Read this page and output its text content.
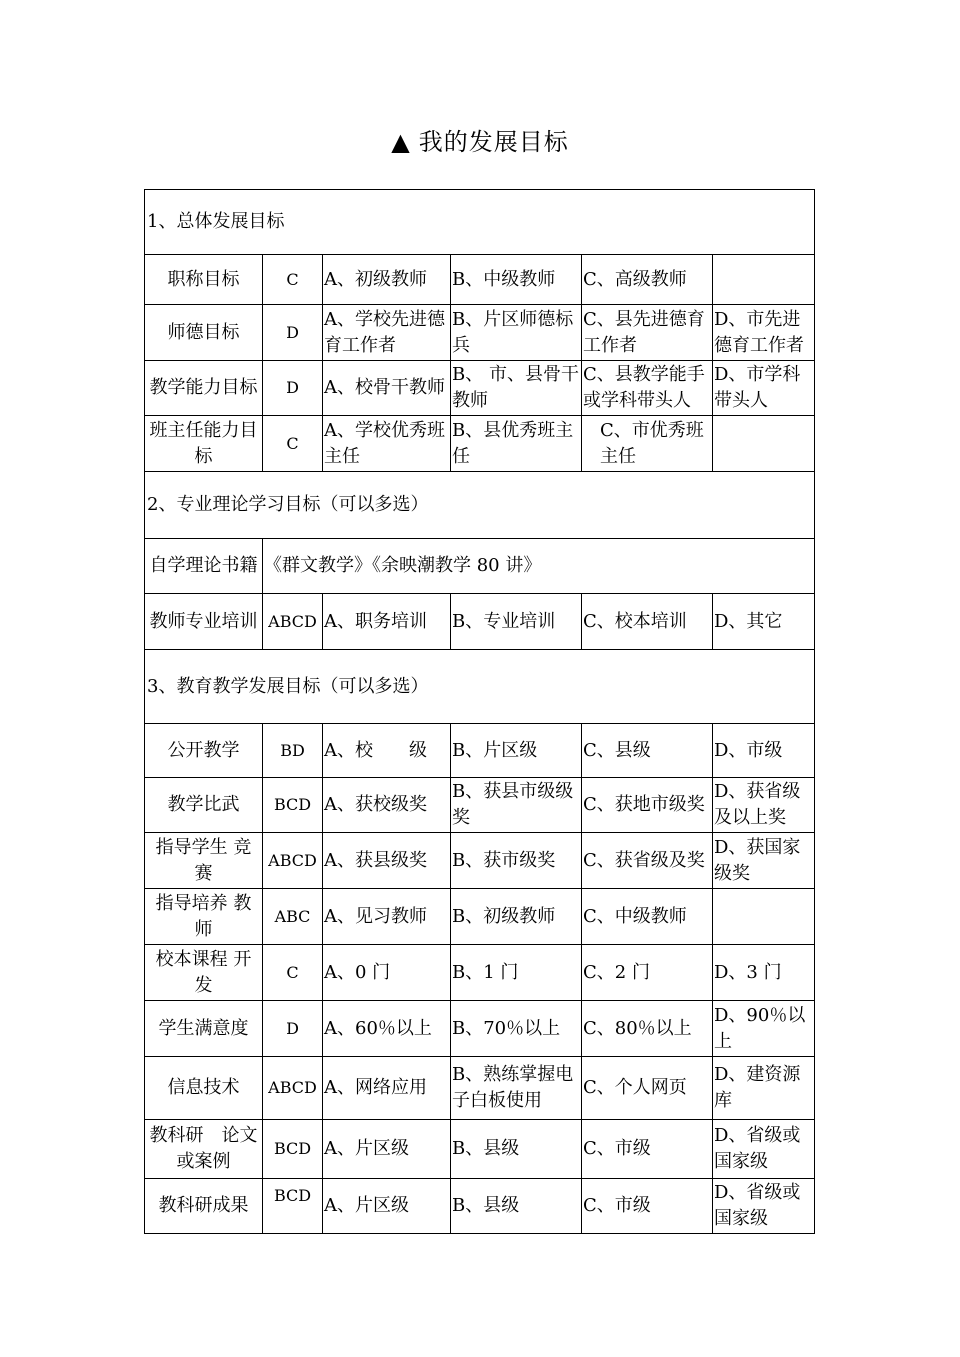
▲ 我的发展目标
1、总体发展目标					
职称目标	C	A、初级教师	B、中级教师	C、高级教师	
师德目标	D	A、学校先进德育工作者	B、片区师德标兵	C、县先进德育工作者	D、市先进德育工作者
教学能力目标	D	A、校骨干教师	B、 市、县骨干教师	C、县教学能手或学科带头人	D、市学科带头人
班主任能力目标	C	A、学校优秀班主任	B、县优秀班主任	C、市优秀班主任	
2、专业理论学习目标（可以多选）					
自学理论书籍	《群文教学》《余映潮教学 80 讲》				
教师专业培训	ABCD	A、职务培训	B、专业培训	C、校本培训	D、其它
3、教育教学发展目标（可以多选）					
公开教学	BD	A、校　　级	B、片区级	C、县级	D、市级
教学比武	BCD	A、获校级奖	B、获县市级级奖	C、获地市级奖	D、获省级及以上奖
指导学生 竞赛	ABCD	A、获县级奖	B、获市级奖	C、获省级及奖	D、获国家级奖
指导培养 教师	ABC	A、见习教师	B、初级教师	C、中级教师	
校本课程 开发	C	A、0 门	B、1 门	C、2 门	D、3 门
学生满意度	D	A、60％以上	B、70％以上	C、80％以上	D、90％以上
信息技术	ABCD	A、网络应用	B、熟练掌握电子白板使用	C、个人网页	D、建资源库
教科研　论文或案例	BCD	A、片区级	B、县级	C、市级	D、省级或国家级
教科研成果	BCD	A、片区级	B、县级	C、市级	D、省级或国家级
